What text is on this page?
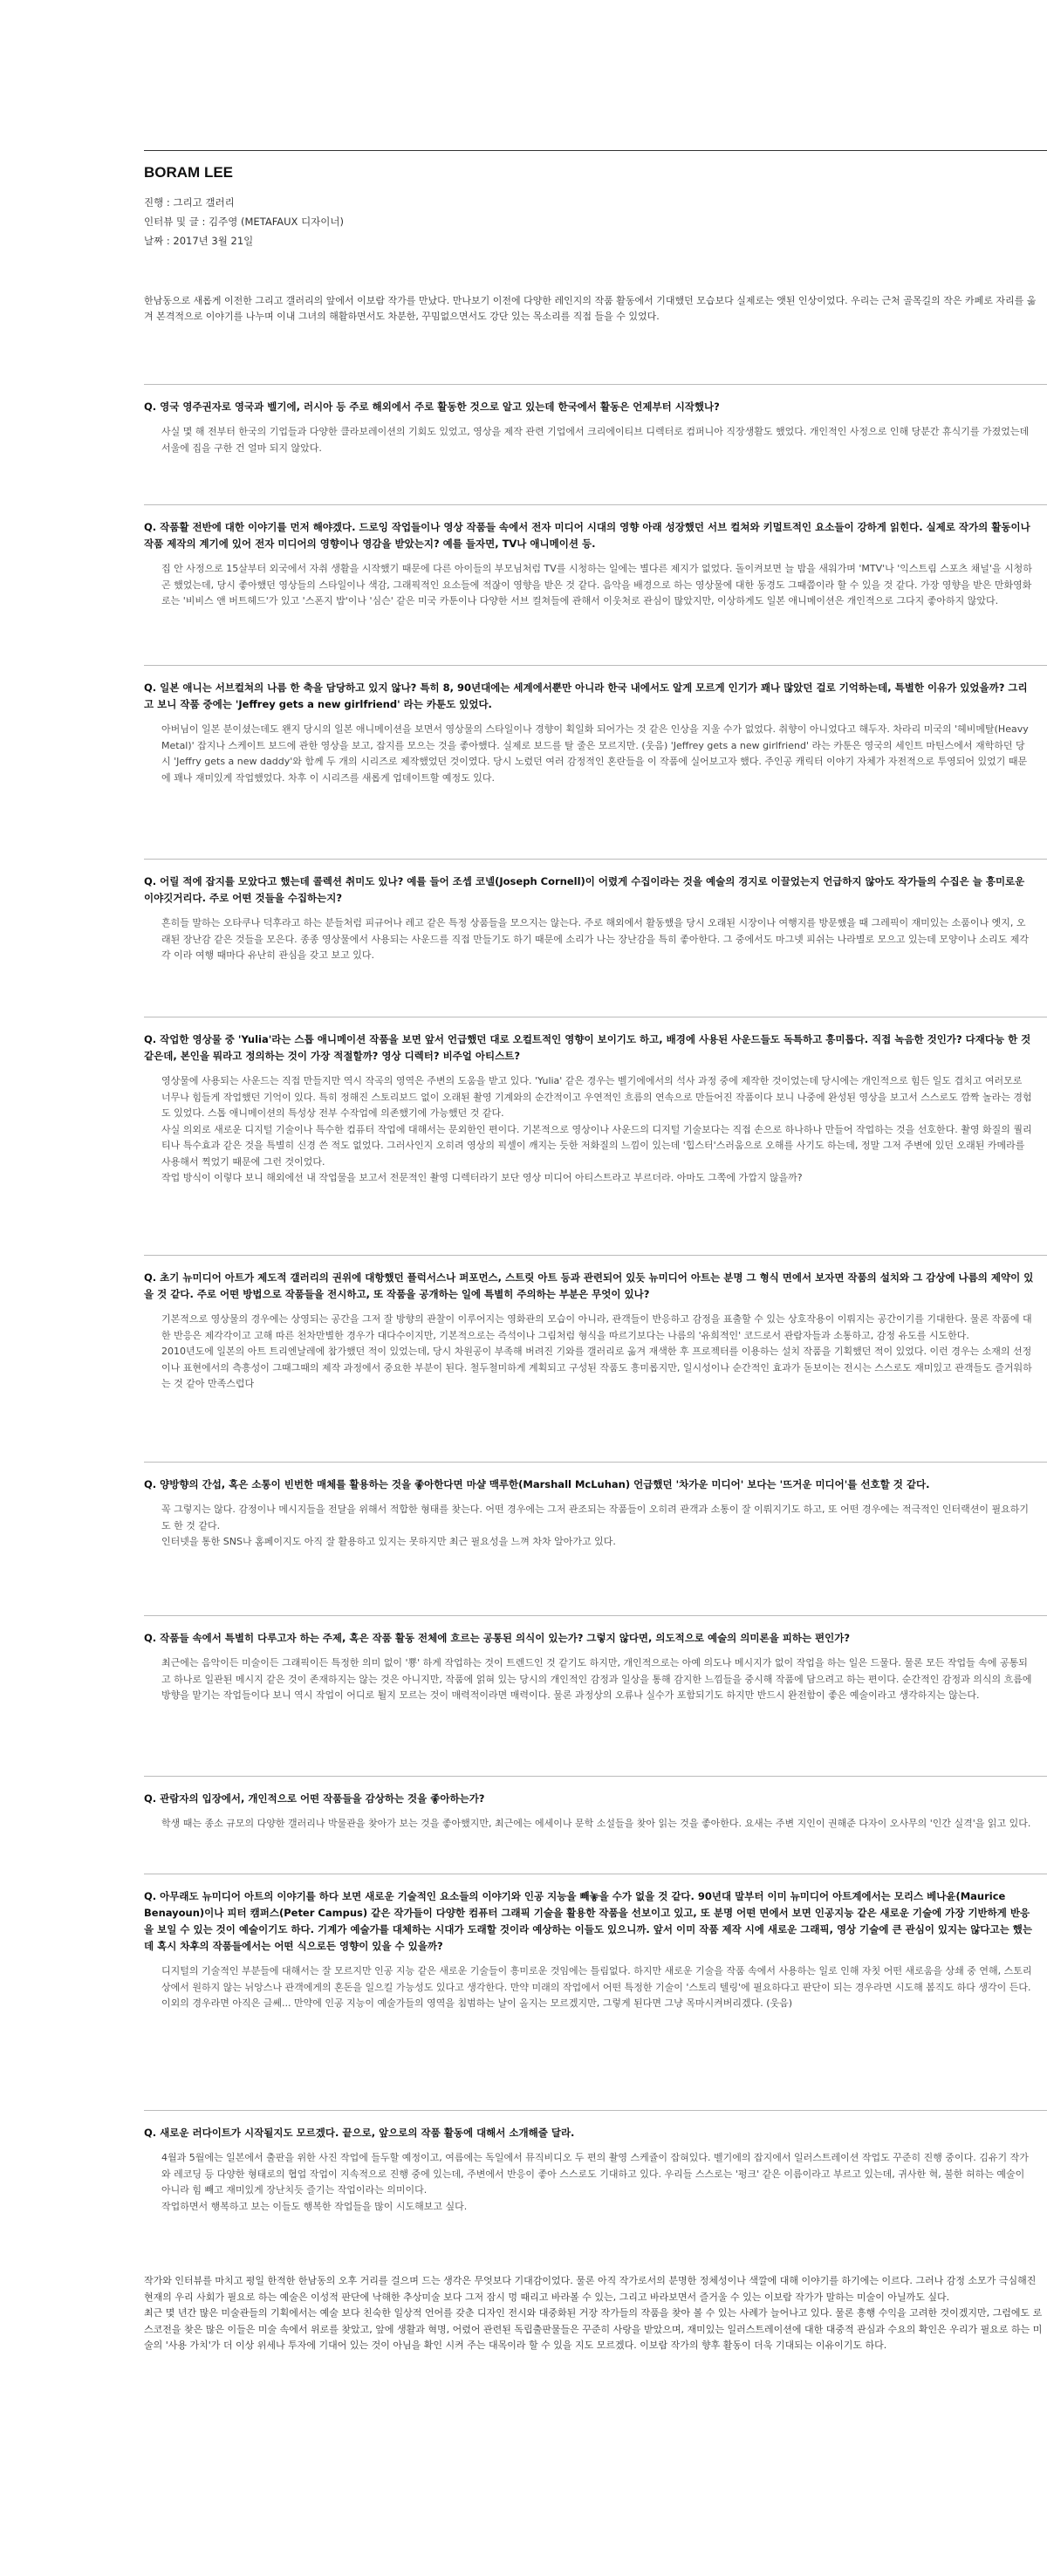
BORAM LEE
진행 : 그리고 갤러리
인터뷰 및 글 : 김주영 (METAFAUX 디자이너)
날짜 : 2017년 3월 21일

한남동으로 새롭게 이전한 그리고 갤러리의 앞에서 이보람 작가를 만났다. 만나보기 이전에 다양한 레인지의 작품 활동에서 기대했던 모습보다 실제로는 앳된 인상이었다. 우리는 근처 골목길의 작은 카페로 자리를 옮겨 본격적으로 이야기를 나누며 이내 그녀의 해활하면서도 차분한, 꾸밈없으면서도 강단 있는 목소리를 직접 들을 수 있었다.

Q. 영국 영주권자로 영국과 벨기에, 러시아 등 주로 해외에서 주로 활동한 것으로 알고 있는데 한국에서 활동은 언제부터 시작했나?

사실 몇 해 전부터 한국의 기업들과 다양한 클라보레이션의 기회도 있었고, 영상을 제작 관련 기업에서 크리에이티브 디렉터로 컴퍼니아 직장생활도 했었다. 개인적인 사정으로 인해 당분간 휴식기를 가졌었는데 서울에 집을 구한 건 얼마 되지 않았다.

Q. 작품활 전반에 대한 이야기를 먼저 해야겠다. 드로잉 작업들이나 영상 작품들 속에서 전자 미디어 시대의 영향 아래 성장했던 서브 컬쳐와 키멀트적인 요소들이 강하게 읽힌다. 실제로 작가의 활동이나 작품 제작의 계기에 있어 전자 미디어의 영향이나 영감을 받았는지? 예를 들자면, TV나 애니메이션 등.

집 안 사정으로 15살부터 외국에서 자취 생활을 시작했기 때문에 다른 아이들의 부모님처럼 TV를 시청하는 일에는 별다른 제지가 없었다. 돌이켜보면 늘 밤을 새워가며 'MTV'나 '익스트림 스포츠 채널'을 시청하곤 했었는데, 당시 좋아했던 영상들의 스타일이나 색감, 그래픽적인 요소들에 적잖이 영향을 받은 것 같다. 음악을 배경으로 하는 영상물에 대한 동경도 그때쯤이라 할 수 있을 것 같다. 가장 영향을 받은 만화영화로는 '비비스 앤 버트헤드'가 있고 '스폰지 밥'이나 '심슨' 같은 미국 카툰이나 다양한 서브 컬쳐들에 관해서 이웃처로 관심이 많았지만, 이상하게도 일본 애니메이션은 개인적으로 그다지 좋아하지 않았다.

Q. 일본 애니는 서브컬쳐의 나름 한 축을 담당하고 있지 않나? 특히 8, 90년대에는 세계에서뿐만 아니라 한국 내에서도 알게 모르게 인기가 꽤나 많았던 걸로 기억하는데, 특별한 이유가 있었을까? 그리고 보니 작품 중에는 'Jeffrey gets a new girlfriend' 라는 카툰도 있었다.

아버님이 일본 분이셨는데도 왠지 당시의 일본 애니메이션을 보면서 영상물의 스타일이나 경향이 획일화 되어가는 것 같은 인상을 지울 수가 없었다. 취향이 아니었다고 해두자. 차라리 미국의 '헤비메탈(Heavy Metal)' 잡지나 스케이트 보드에 관한 영상을 보고, 잡지를 모으는 것을 좋아했다. 실제로 보드를 탈 줄은 모르지만. (웃음) 'Jeffrey gets a new girlfriend' 라는 카툰은 영국의 세인트 마틴스에서 재학하던 당시 'Jeffry gets a new daddy'와 함께 두 개의 시리즈로 제작했었던 것이였다. 당시 노렸던 여러 감정적인 혼란들을 이 작품에 실어보고자 했다. 주인공 캐릭터 이야기 자체가 자전적으로 투영되어 있었기 때문에 꽤나 재미있게 작업했었다. 차후 이 시리즈를 새롭게 업데이트할 예정도 있다.

Q. 어릴 적에 잡지를 모았다고 했는데 콜렉션 취미도 있나? 예를 들어 조셉 코넬(Joseph Cornell)이 어렸게 수집이라는 것을 예술의 경지로 이끌었는지 언급하지 않아도 작가들의 수집은 늘 흥미로운 이야깃거리다. 주로 어떤 것들을 수집하는지?

흔히들 말하는 오타쿠나 덕후라고 하는 분들처럼 피규어나 레고 같은 특정 상품들을 모으지는 않는다. 주로 해외에서 활동했을 당시 오래된 시장이나 여행지를 방문했을 때 그레픽이 재미있는 소품이나 옛지, 오래된 장난감 같은 것들을 모은다. 종종 영상물에서 사용되는 사운드를 직접 만들기도 하기 때문에 소리가 나는 장난감을 특히 좋아한다. 그 중에서도 마그넷 피쉬는 나라별로 모으고 있는데 모양이나 소리도 제각각 이라 여행 때마다 유난히 관심을 갖고 보고 있다.

Q. 작업한 영상물 중 'Yulia'라는 스톱 애니메이션 작품을 보면 앞서 언급했던 대로 오컬트적인 영향이 보이기도 하고, 배경에 사용된 사운드들도 독특하고 흥미롭다. 직접 녹음한 것인가? 다재다능 한 것 같은데, 본인을 뭐라고 정의하는 것이 가장 적절할까? 영상 디렉터? 비주얼 아티스트?

영상물에 사용되는 사운드는 직접 만들지만 역시 작곡의 영역은 주변의 도움을 받고 있다. 'Yulia' 같은 경우는 벨기에에서의 석사 과정 중에 제작한 것이었는데 당시에는 개인적으로 힘든 일도 겹치고 여러모로 너무나 힘들게 작업했던 기억이 있다. 특히 정해진 스토리보드 없이 오래된 촬영 기계와의 순간적이고 우연적인 흐름의 연속으로 만들어진 작품이다 보니 나중에 완성된 영상을 보고서 스스로도 깜짝 놀라는 경험도 있었다. 스톱 애니메이션의 특성상 전부 수작업에 의존했기에 가능했던 것 같다.
사실 의외로 새로운 디지털 기술이나 특수한 컴퓨터 작업에 대해서는 문외한인 편이다. 기본적으로 영상이나 사운드의 디지털 기술보다는 직접 손으로 하나하나 만들어 작업하는 것을 선호한다. 촬영 화질의 퀄리티나 특수효과 같은 것을 특별히 신경 쓴 적도 없었다. 그러사인지 오히려 영상의 픽셀이 깨지는 듯한 저화질의 느낌이 있는데 '힙스터'스러움으로 오해를 사기도 하는데, 정말 그저 주변에 있던 오래된 카메라를 사용해서 찍었기 때문에 그런 것이었다.
작업 방식이 이렇다 보니 해외에선 내 작업물을 보고서 전문적인 촬영 디렉터라기 보단 영상 미디어 아티스트라고 부르더라. 아마도 그쪽에 가깝지 않을까?

Q. 초기 뉴미디어 아트가 제도적 갤러리의 권위에 대항했던 플럭서스나 퍼포먼스, 스트릿 아트 등과 관련되어 있듯 뉴미디어 아트는 분명 그 형식 면에서 보자면 작품의 설치와 그 감상에 나름의 제약이 있을 것 같다. 주로 어떤 방법으로 작품들을 전시하고, 또 작품을 공개하는 일에 특별히 주의하는 부분은 무엇이 있나?

기본적으로 영상물의 경우에는 상영되는 공간을 그저 잘 방향의 관찰이 이루어지는 영화관의 모습이 아니라, 관객들이 반응하고 감정을 표출할 수 있는 상호작용이 이뤄지는 공간이기를 기대한다. 물론 작품에 대한 반응은 제각각이고 고해 따른 천차만별한 경우가 대다수이지만, 기본적으로는 즉석이나 그림처럼 형식을 따르기보다는 나름의 '유희적인' 코드로서 관람자들과 소통하고, 감정 유도를 시도한다.
2010년도에 일본의 아트 트리엔날레에 참가했던 적이 있었는데, 당시 차원공이 부족해 버려진 기와를 갤러리로 옮겨 재색한 후 프로젝터를 이용하는 설치 작품을 기획했던 적이 있었다. 이런 경우는 소재의 선정이나 표현에서의 측흥성이 그때그때의 제작 과정에서 중요한 부분이 된다. 철두철미하게 계획되고 구성된 작품도 흥미롭지만, 일시성이나 순간적인 효과가 돋보이는 전시는 스스로도 재미있고 관객들도 즐거워하는 것 같아 만족스럽다

Q. 양방향의 간섭, 혹은 소통이 빈번한 매체를 활용하는 것을 좋아한다면 마샬 맥루한(Marshall McLuhan) 언급했던 '차가운 미디어' 보다는 '뜨거운 미디어'를 선호할 것 같다.

꼭 그렇지는 않다. 감정이나 메시지들을 전달을 위해서 적합한 형태를 찾는다. 어떤 경우에는 그저 관조되는 작품들이 오히려 관객과 소통이 잘 이뤄지기도 하고, 또 어떤 경우에는 적극적인 인터랙션이 필요하기도 한 것 같다.
인터넷을 통한 SNS나 홈페이지도 아직 잘 활용하고 있지는 못하지만 최근 필요성을 느껴 차차 알아가고 있다.

Q. 작품들 속에서 특별히 다루고자 하는 주제, 혹은 작품 활동 전체에 흐르는 공통된 의식이 있는가? 그렇지 않다면, 의도적으로 예술의 의미론을 피하는 편인가?

최근에는 음악이든 미술이든 그래픽이든 특정한 의미 없이 '뿅' 하게 작업하는 것이 트렌드인 것 같기도 하지만, 개인적으로는 아예 의도나 메시지가 없이 작업을 하는 일은 드물다. 물론 모든 작업들 속에 공통되고 하나로 일관된 메시지 같은 것이 존재하지는 않는 것은 아니지만, 작품에 얽혀 있는 당시의 개인적인 감정과 일상을 통해 감지한 느낌들을 중시해 작품에 담으려고 하는 편이다. 순간적인 감정과 의식의 흐름에 방향을 맡기는 작업들이다 보니 역시 작업이 어디로 튈지 모르는 것이 매력적이라면 매력이다. 물론 과정상의 오류나 실수가 포함되기도 하지만 반드시 완전함이 좋은 예술이라고 생각하지는 않는다.

Q. 관람자의 입장에서, 개인적으로 어떤 작품들을 감상하는 것을 좋아하는가?

학생 때는 종소 규모의 다양한 갤러리나 박물관을 찾아가 보는 것을 좋아했지만, 최근에는 에세이나 문학 소설들을 찾아 읽는 것을 좋아한다. 요새는 주변 지인이 권해준 다자이 오사무의 '인간 실격'을 읽고 있다.

Q. 아무래도 뉴미디어 아트의 이야기를 하다 보면 새로운 기술적인 요소들의 이야기와 인공 지능을 빼놓을 수가 없을 것 같다. 90년대 말부터 이미 뉴미디어 아트계에서는 모리스 베나윤(Maurice Benayoun)이나 피터 캠퍼스(Peter Campus) 같은 작가들이 다양한 컴퓨터 그래픽 기술을 활용한 작품을 선보이고 있고, 또 분명 어떤 면에서 보면 인공지능 같은 새로운 기술에 가장 기반하게 반응을 보일 수 있는 것이 예술이기도 하다. 기계가 예술가를 대체하는 시대가 도래할 것이라 예상하는 이들도 있으니까. 앞서 이미 작품 제작 시에 새로운 그래픽, 영상 기술에 큰 관심이 있지는 않다고는 했는데 혹시 차후의 작품들에서는 어떤 식으로든 영향이 있을 수 있을까?

디지털의 기술적인 부분들에 대해서는 잘 모르지만 인공 지능 같은 새로운 기술들이 흥미로운 것임에는 틀림없다. 하지만 새로운 기술을 작품 속에서 사용하는 일로 인해 자칫 어떤 새로움을 상쇄 중 연해, 스토리 상에서 원하지 않는 뉘앙스나 관객에게의 혼돈을 일으킬 가능성도 있다고 생각한다. 만약 미래의 작업에서 어떤 특정한 기술이 '스토리 텔링'에 필요하다고 판단이 되는 경우라면 시도해 봄직도 하다 생각이 든다. 이외의 경우라면 아직은 글쎄... 만약에 인공 지능이 예술가들의 영역을 침범하는 날이 올지는 모르겠지만, 그렇게 된다면 그냥 목마시켜버리겠다. (웃음)

Q. 새로운 러다이트가 시작될지도 모르겠다. 끝으로, 앞으로의 작품 활동에 대해서 소개해줄 달라.

4월과 5월에는 일본에서 출판을 위한 사진 작업에 들두할 예정이고, 여름에는 독일에서 뮤직비디오 두 편의 촬영 스케쥴이 잡혀있다. 벨기에의 잡지에서 일러스트레이션 작업도 꾸준히 진행 중이다. 김유기 작가와 레코딩 등 다양한 형태로의 협업 작업이 지속적으로 진행 중에 있는데, 주변에서 반응이 좋아 스스로도 기대하고 있다. 우리들 스스로는 '펑크' 같은 이름이라고 부르고 있는데, 귀사한 혁, 불한 허하는 예술이 아니라 힘 빼고 재미있게 장난치듯 즐기는 작업이라는 의미이다.
작업하면서 행복하고 보는 이들도 행복한 작업들을 많이 시도해보고 싶다.

작가와 인터뷰를 마치고 평일 한적한 한남동의 오후 거리를 걸으며 드는 생각은 무엇보다 기대감이었다. 물론 아직 작가로서의 분명한 정체성이나 색깔에 대해 이야기를 하기에는 이르다. 그러나 감정 소모가 극심해진 현재의 우리 사회가 필요로 하는 예술은 이성적 판단에 낙해한 추상미술 보다 그저 잠시 멍 때리고 바라볼 수 있는, 그리고 바라보면서 즐거울 수 있는 이보람 작가가 말하는 미술이 아닐까도 싶다.
최근 몇 년간 많은 미술관들의 기획에서는 예술 보다 친숙한 일상적 언어를 갖춘 디자인 전시와 대중화된 거장 작가들의 작품을 찾아 볼 수 있는 사례가 늘어나고 있다. 물론 흥행 수익을 고려한 것이겠지만, 그럼에도 로스코전을 찾은 많은 이들은 미술 속에서 위로를 찾았고, 앞에 생활과 혁명, 어렸어 관련된 독립출판물들은 꾸준히 사랑을 받았으며, 재미있는 일러스트레이션에 대한 대중적 관심과 수요의 확인은 우리가 필요로 하는 미술의 '사용 가치'가 더 이상 위세나 투자에 기대어 있는 것이 아님을 확인 시켜 주는 대목이라 할 수 있을 지도 모르겠다. 이보람 작가의 향후 활동이 더욱 기대되는 이유이기도 하다.
